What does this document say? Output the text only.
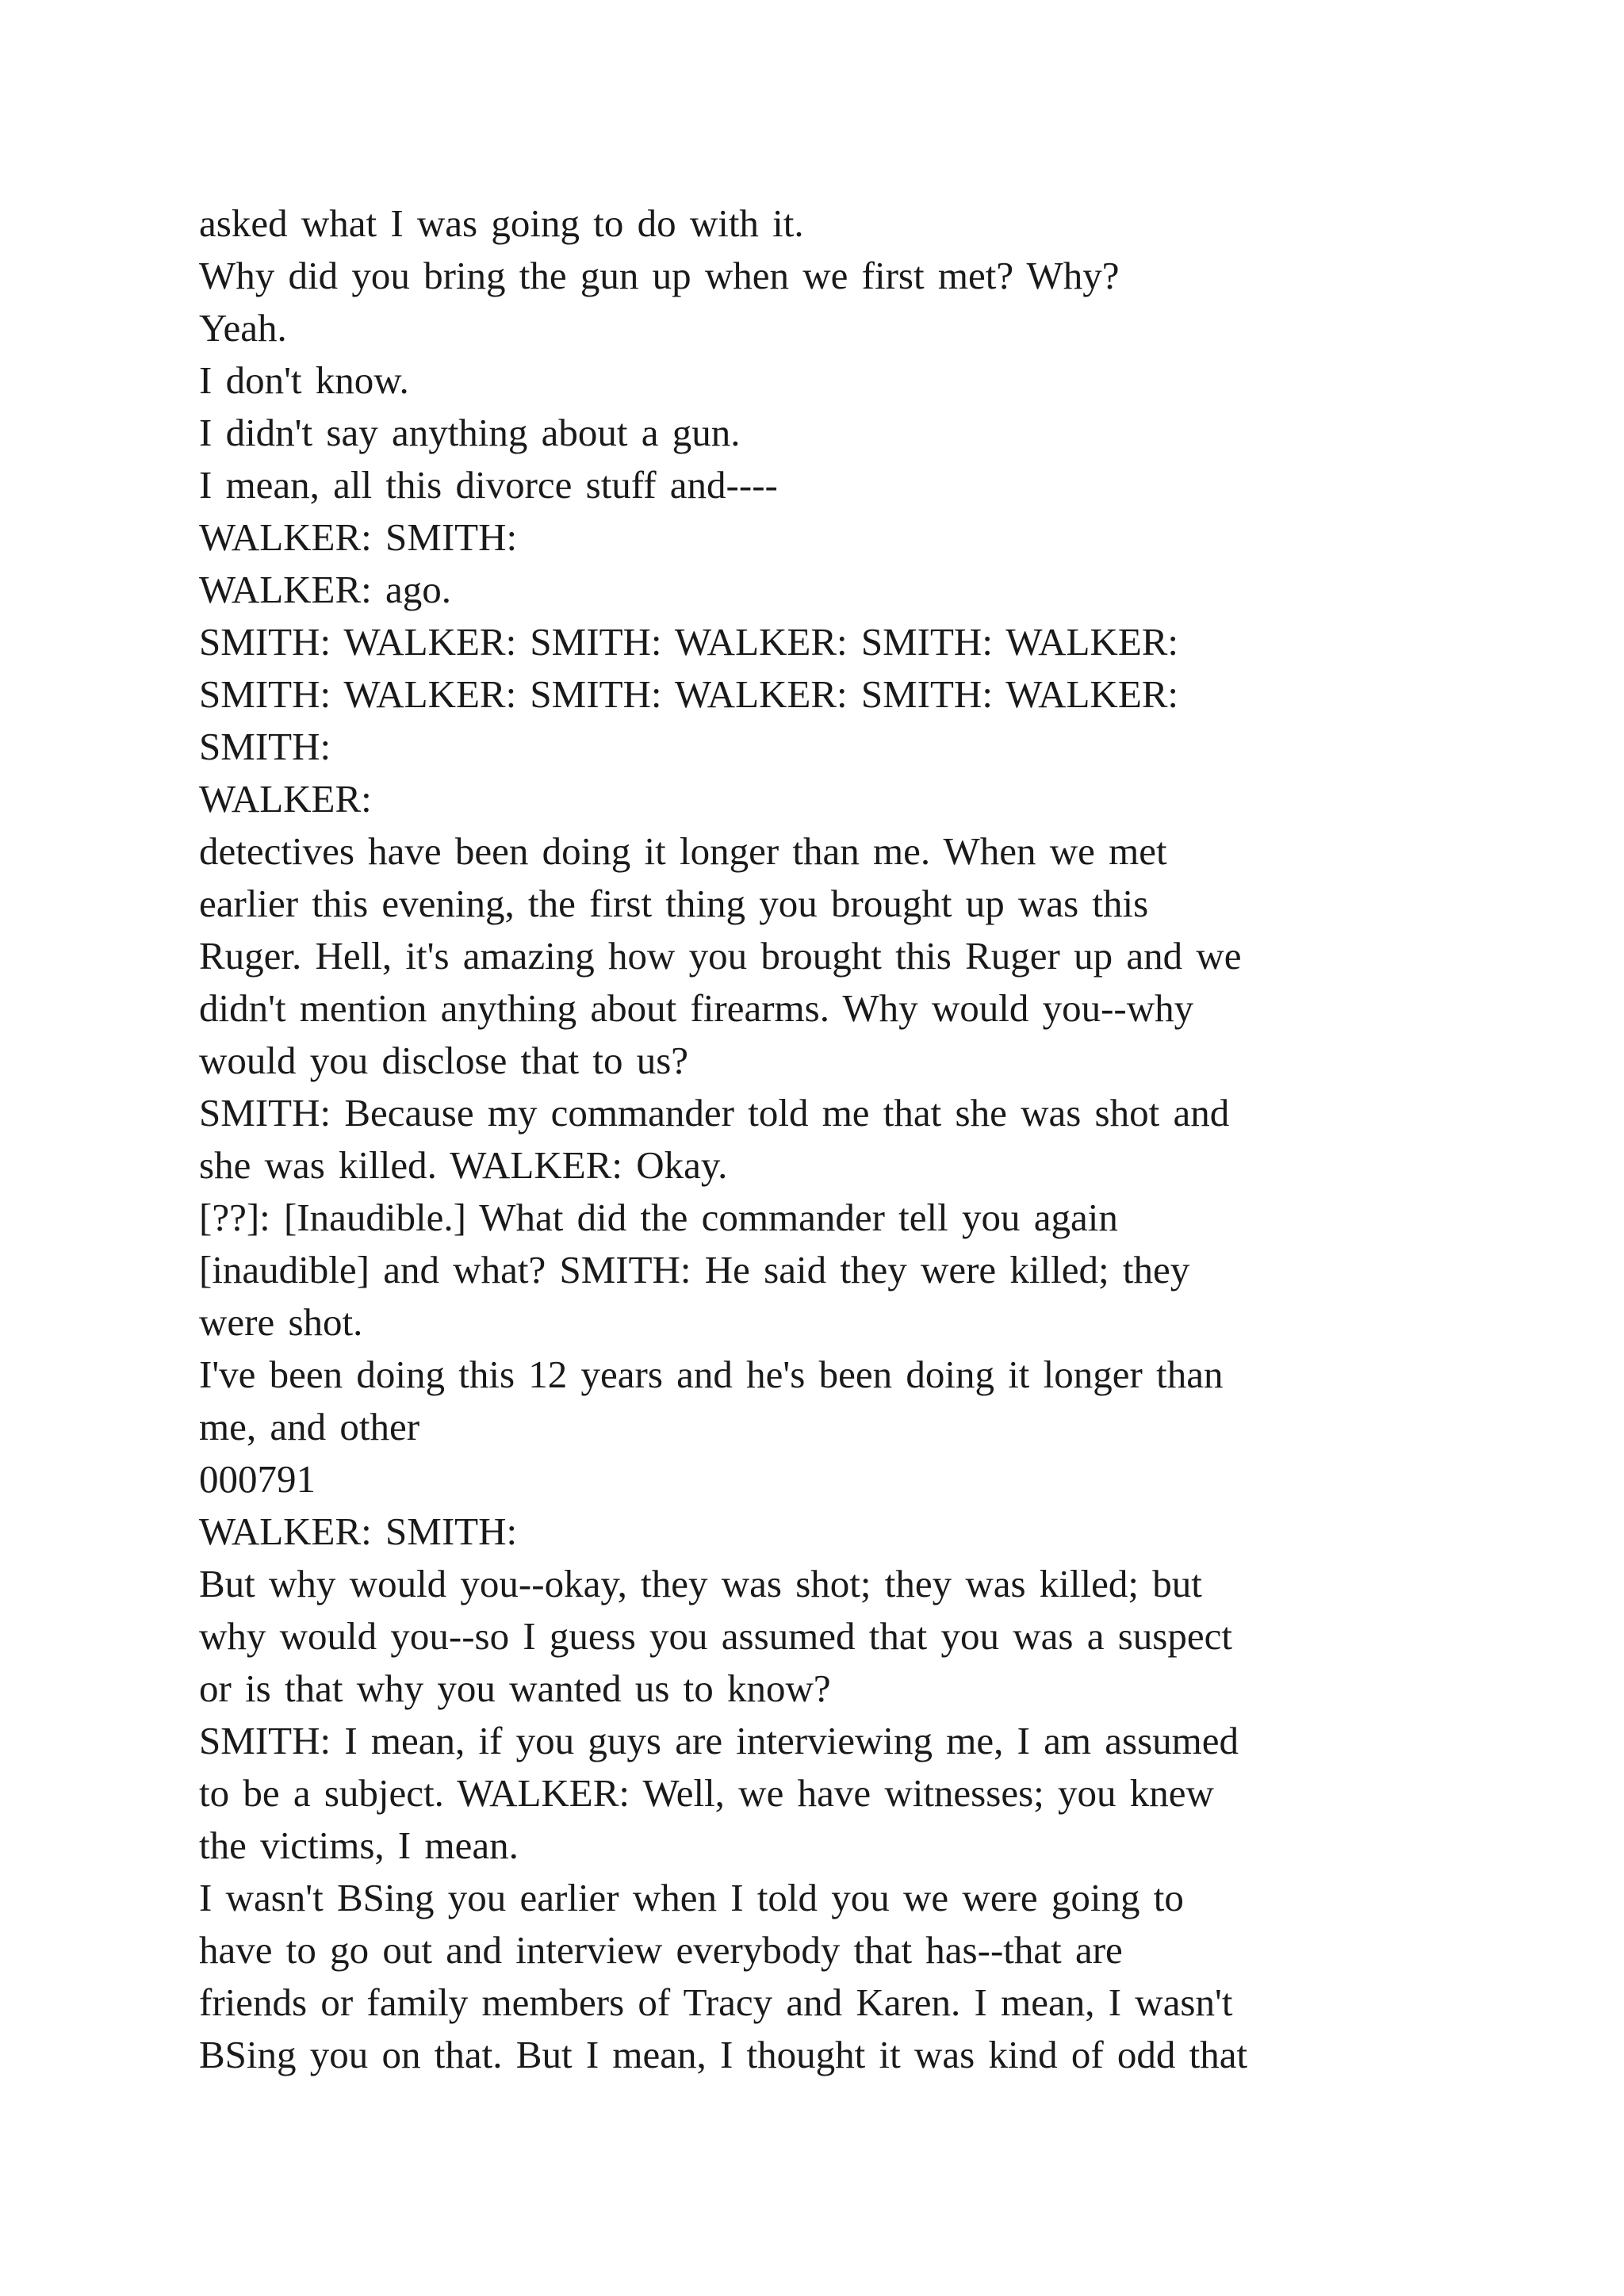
asked what I was going to do with it.
Why did you bring the gun up when we first met? Why?
Yeah.
I don't know.
I didn't say anything about a gun.
I mean, all this divorce stuff and----
WALKER: SMITH:
WALKER: ago.
SMITH: WALKER: SMITH: WALKER: SMITH: WALKER:
SMITH: WALKER: SMITH: WALKER: SMITH: WALKER:
SMITH:
WALKER:
detectives have been doing it longer than me. When we met
earlier this evening, the first thing you brought up was this
Ruger. Hell, it's amazing how you brought this Ruger up and we
didn't mention anything about firearms. Why would you--why
would you disclose that to us?
SMITH: Because my commander told me that she was shot and
she was killed. WALKER: Okay.
[??]: [Inaudible.] What did the commander tell you again
[inaudible] and what? SMITH: He said they were killed; they
were shot.
I've been doing this 12 years and he's been doing it longer than
me, and other
000791
WALKER: SMITH:
But why would you--okay, they was shot; they was killed; but
why would you--so I guess you assumed that you was a suspect
or is that why you wanted us to know?
SMITH: I mean, if you guys are interviewing me, I am assumed
to be a subject. WALKER: Well, we have witnesses; you knew
the victims, I mean.
I wasn't BSing you earlier when I told you we were going to
have to go out and interview everybody that has--that are
friends or family members of Tracy and Karen. I mean, I wasn't
BSing you on that. But I mean, I thought it was kind of odd that
